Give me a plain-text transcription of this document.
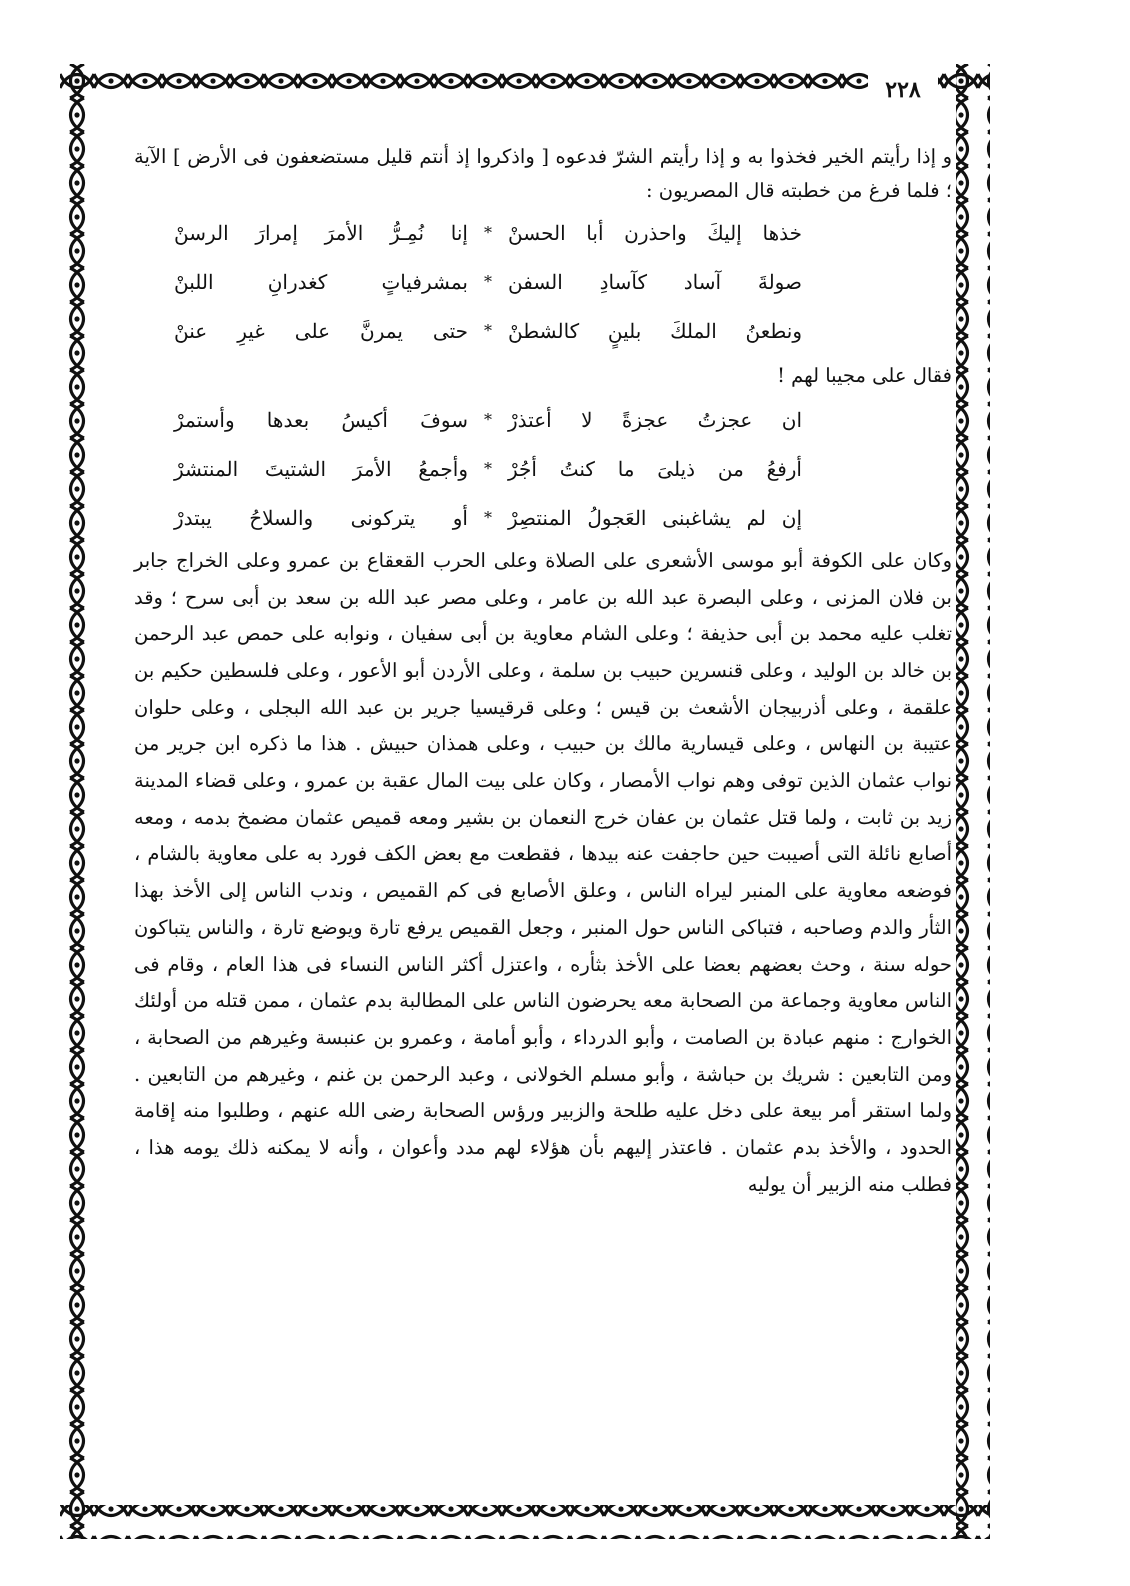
٢٢٨

و إذا رأيتم الخير فخذوا به و إذا رأيتم الشرّ فدعوه [ واذكروا إذ أنتم قليل مستضعفون فى الأرض ] الآية ؛ فلما فرغ من خطبته قال المصريون :

خذها إليكَ واحذرن أبا الحسنْ
*
إنا نُمِـرُّ الأمرَ إمرارَ الرسنْ
صولةَ آساد كآسادِ السفن
*
بمشرفياتٍ كغدرانِ اللبنْ
ونطعنُ الملكَ بلينٍ كالشطنْ
*
حتى يمرنَّ على غيرِ عننْ

فقال على مجيبا لهم !

ان عجزتُ عجزةً لا أعتذرْ
*
سوفَ أكيسُ بعدها وأستمرْ
أرفعُ من ذيلىَ ما كنتُ أجُرْ
*
وأجمعُ الأمرَ الشتيتَ المنتشرْ
إن لم يشاغبنى العَجولُ المنتصِرْ
*
أو يتركونى والسلاحُ يبتدرْ

وكان على الكوفة أبو موسى الأشعرى على الصلاة وعلى الحرب القعقاع بن عمرو وعلى الخراج جابر بن فلان المزنى ، وعلى البصرة عبد الله بن عامر ، وعلى مصر عبد الله بن سعد بن أبى سرح ؛ وقد تغلب عليه محمد بن أبى حذيفة ؛ وعلى الشام معاوية بن أبى سفيان ، ونوابه على حمص عبد الرحمن بن خالد بن الوليد ، وعلى قنسرين حبيب بن سلمة ، وعلى الأردن أبو الأعور ، وعلى فلسطين حكيم بن علقمة ، وعلى أذربيجان الأشعث بن قيس ؛ وعلى قرقيسيا جرير بن عبد الله البجلى ، وعلى حلوان عتيبة بن النهاس ، وعلى قيسارية مالك بن حبيب ، وعلى همذان حبيش . هذا ما ذكره ابن جرير من نواب عثمان الذين توفى وهم نواب الأمصار ، وكان على بيت المال عقبة بن عمرو ، وعلى قضاء المدينة زيد بن ثابت ، ولما قتل عثمان بن عفان خرج النعمان بن بشير ومعه قميص عثمان مضمخ بدمه ، ومعه أصابع نائلة التى أصيبت حين حاجفت عنه بيدها ، فقطعت مع بعض الكف فورد به على معاوية بالشام ، فوضعه معاوية على المنبر ليراه الناس ، وعلق الأصابع فى كم القميص ، وندب الناس إلى الأخذ بهذا الثأر والدم وصاحبه ، فتباكى الناس حول المنبر ، وجعل القميص يرفع تارة ويوضع تارة ، والناس يتباكون حوله سنة ، وحث بعضهم بعضا على الأخذ بثأره ، واعتزل أكثر الناس النساء فى هذا العام ، وقام فى الناس معاوية وجماعة من الصحابة معه يحرضون الناس على المطالبة بدم عثمان ، ممن قتله من أولئك الخوارج : منهم عبادة بن الصامت ، وأبو الدرداء ، وأبو أمامة ، وعمرو بن عنبسة وغيرهم من الصحابة ، ومن التابعين : شريك بن حباشة ، وأبو مسلم الخولانى ، وعبد الرحمن بن غنم ، وغيرهم من التابعين . ولما استقر أمر بيعة على دخل عليه طلحة والزبير ورؤس الصحابة رضى الله عنهم ، وطلبوا منه إقامة الحدود ، والأخذ بدم عثمان . فاعتذر إليهم بأن هؤلاء لهم مدد وأعوان ، وأنه لا يمكنه ذلك يومه هذا ، فطلب منه الزبير أن يوليه
